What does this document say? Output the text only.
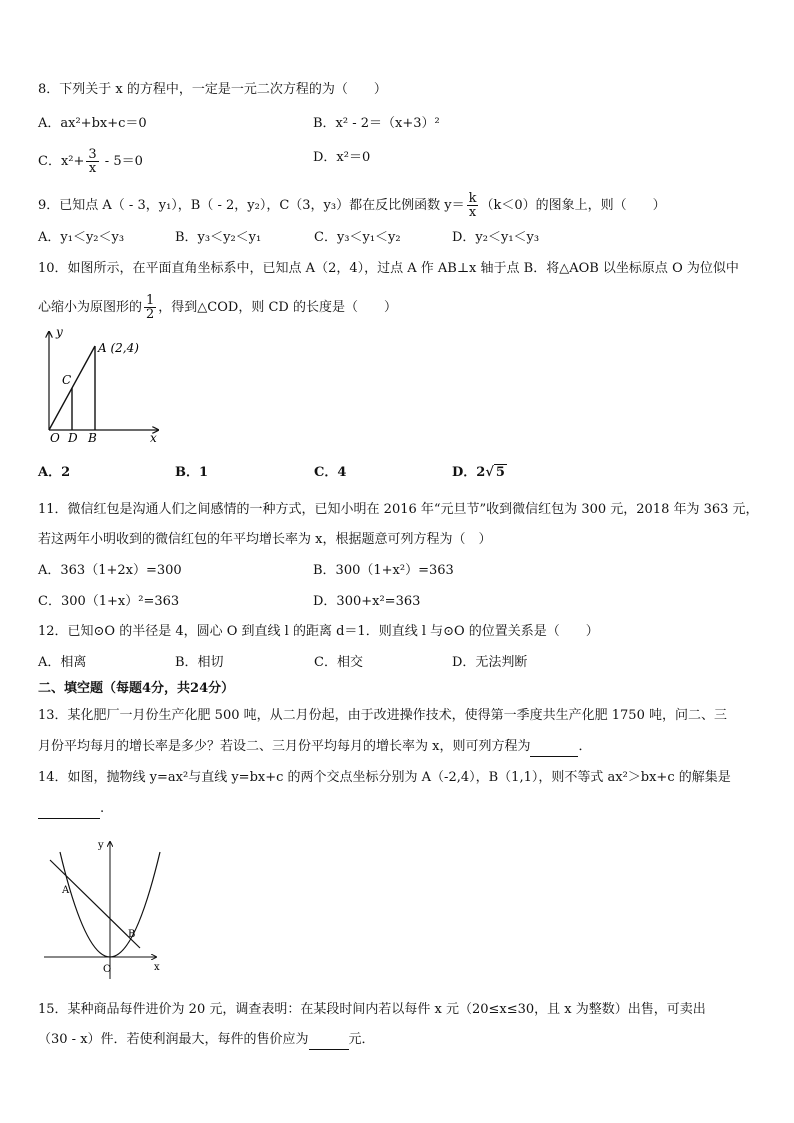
8．下列关于 x 的方程中，一定是一元二次方程的为（　　）
A．ax²+bx+c＝0	B．x² - 2＝（x+3）²
C．$x^2+ \frac{3}{x} - 5=0$	D．x²＝0
9．已知点 A（ - 3，y₁），B（ - 2，y₂），C（3，y₃）都在反比例函数 $y= \frac{k}{x} (k<0)$的图象上，则（　　）
A．y₁＜y₂＜y₃	B．y₃＜y₂＜y₁	C．y₃＜y₁＜y₂	D．y₂＜y₁＜y₃
10．如图所示，在平面直角坐标系中，已知点 A（2，4），过点 A 作 AB⊥x 轴于点 B．将△AOB 以坐标原点 O 为位似中
心缩小为原图形的 $\frac{1}{2}$ ，得到△COD，则 CD 的长度是（　　）
y
x
A (2,4)
C
O D B
A．2	B．1	C．4	D．2√ 5
11．微信红包是沟通人们之间感情的一种方式，已知小明在 2016 年“元旦节”收到微信红包为 300 元，2018 年为 363 元，
若这两年小明收到的微信红包的年平均增长率为 x，根据题意可列方程为（　）
A．363（1+2x）=300	B．300（1+x²）=363
C．300（1+x）²=363	D．300+x²=363
12．已知⊙O 的半径是 4，圆心 O 到直线 l 的距离 d＝1．则直线 l 与⊙O 的位置关系是（　　）
A．相离	B．相切	C．相交	D．无法判断
二、填空题（每题4分，共24分）
13．某化肥厂一月份生产化肥 500 吨，从二月份起，由于改进操作技术，使得第一季度共生产化肥 1750 吨，问二、三
月份平均每月的增长率是多少？若设二、三月份平均每月的增长率为 x，则可列方程为	．
14．如图，抛物线 y=ax²与直线 y=bx+c 的两个交点坐标分别为 A（-2,4），B（1,1），则不等式 ax²＞bx+c 的解集是
.
y
x
A
B
O
15．某种商品每件进价为 20 元，调查表明：在某段时间内若以每件 x 元（20≤x≤30，且 x 为整数）出售，可卖出
（30 - x）件．若使利润最大，每件的售价应为	元．
